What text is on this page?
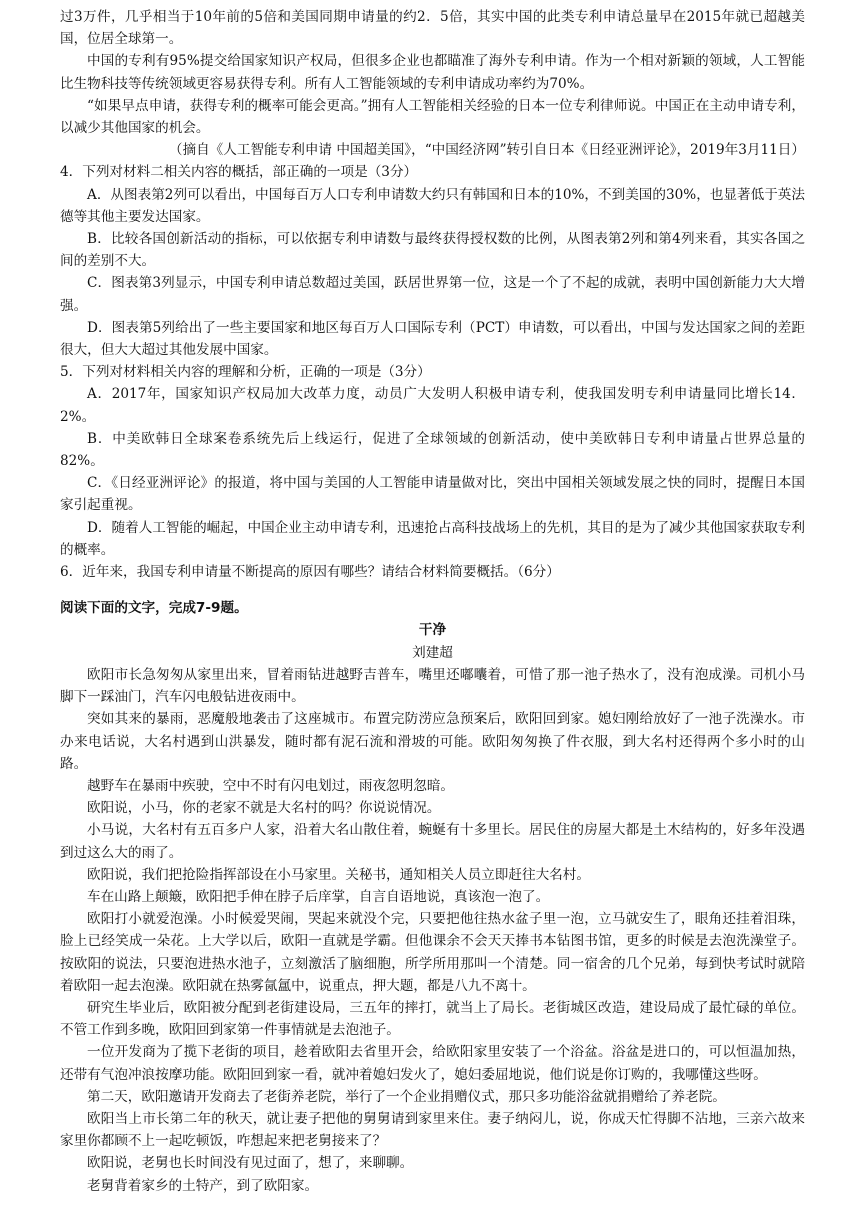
过3万件，几乎相当于10年前的5倍和美国同期申请量的约2．5倍，其实中国的此类专利申请总量早在2015年就已超越美国，位居全球第一。

中国的专利有95%提交给国家知识产权局，但很多企业也都瞄准了海外专利申请。作为一个相对新颖的领域，人工智能比生物科技等传统领域更容易获得专利。所有人工智能领域的专利申请成功率约为70%。

“如果早点申请，获得专利的概率可能会更高。”拥有人工智能相关经验的日本一位专利律师说。中国正在主动申请专利，以减少其他国家的机会。

（摘自《人工智能专利申请 中国超美国》，“中国经济网”转引自日本《日经亚洲评论》，2019年3月11日）

4．下列对材料二相关内容的概括，部正确的一项是（3分）

A．从图表第2列可以看出，中国每百万人口专利申请数大约只有韩国和日本的10%，不到美国的30%，也显著低于英法德等其他主要发达国家。

B．比较各国创新活动的指标，可以依据专利申请数与最终获得授权数的比例，从图表第2列和第4列来看，其实各国之间的差别不大。

C．图表第3列显示，中国专利申请总数超过美国，跃居世界第一位，这是一个了不起的成就，表明中国创新能力大大增强。

D．图表第5列给出了一些主要国家和地区每百万人口国际专利（PCT）申请数，可以看出，中国与发达国家之间的差距很大，但大大超过其他发展中国家。

5．下列对材料相关内容的理解和分析，正确的一项是（3分）

A．2017年，国家知识产权局加大改革力度，动员广大发明人积极申请专利，使我国发明专利申请量同比增长14．2%。

B．中美欧韩日全球案卷系统先后上线运行，促进了全球领域的创新活动，使中美欧韩日专利申请量占世界总量的82%。

C．《日经亚洲评论》的报道，将中国与美国的人工智能申请量做对比，突出中国相关领域发展之快的同时，提醒日本国家引起重视。

D．随着人工智能的崛起，中国企业主动申请专利，迅速抢占高科技战场上的先机，其目的是为了减少其他国家获取专利的概率。

6．近年来，我国专利申请量不断提高的原因有哪些？请结合材料简要概括。（6分）

阅读下面的文字，完成7-9题。

干净

刘建超

欧阳市长急匆匆从家里出来，冒着雨钻进越野吉普车，嘴里还嘟囔着，可惜了那一池子热水了，没有泡成澡。司机小马脚下一踩油门，汽车闪电般钻进夜雨中。

突如其来的暴雨，恶魔般地袭击了这座城市。布置完防涝应急预案后，欧阳回到家。媳妇刚给放好了一池子洗澡水。市办来电话说，大名村遇到山洪暴发，随时都有泥石流和滑坡的可能。欧阳匆匆换了件衣服，到大名村还得两个多小时的山路。

越野车在暴雨中疾驶，空中不时有闪电划过，雨夜忽明忽暗。

欧阳说，小马，你的老家不就是大名村的吗？你说说情况。

小马说，大名村有五百多户人家，沿着大名山散住着，蜿蜒有十多里长。居民住的房屋大都是土木结构的，好多年没遇到过这么大的雨了。

欧阳说，我们把抢险指挥部设在小马家里。关秘书，通知相关人员立即赶往大名村。

车在山路上颠簸，欧阳把手伸在脖子后庠掌，自言自语地说，真该泡一泡了。

欧阳打小就爱泡澡。小时候爱哭闹，哭起来就没个完，只要把他往热水盆子里一泡，立马就安生了，眼角还挂着泪珠，脸上已经笑成一朵花。上大学以后，欧阳一直就是学霸。但他课余不会天天捧书本钻图书馆，更多的时候是去泡洗澡堂子。按欧阳的说法，只要泡进热水池子，立刻激活了脑细胞，所学所用那叫一个清楚。同一宿舍的几个兄弟，每到快考试时就陪着欧阳一起去泡澡。欧阳就在热雾氤氲中，说重点，押大题，都是八九不离十。

研究生毕业后，欧阳被分配到老街建设局，三五年的摔打，就当上了局长。老街城区改造，建设局成了最忙碌的单位。不管工作到多晚，欧阳回到家第一件事情就是去泡池子。

一位开发商为了揽下老街的项目，趁着欧阳去省里开会，给欧阳家里安装了一个浴盆。浴盆是进口的，可以恒温加热，还带有气泡冲浪按摩功能。欧阳回到家一看，就冲着媳妇发火了，媳妇委屈地说，他们说是你订购的，我哪懂这些呀。

第二天，欧阳邀请开发商去了老街养老院，举行了一个企业捐赠仪式，那只多功能浴盆就捐赠给了养老院。

欧阳当上市长第二年的秋天，就让妻子把他的舅舅请到家里来住。妻子纳闷儿，说，你成天忙得脚不沾地，三亲六故来家里你都顾不上一起吃顿饭，咋想起来把老舅接来了？

欧阳说，老舅也长时间没有见过面了，想了，来聊聊。

老舅背着家乡的土特产，到了欧阳家。
